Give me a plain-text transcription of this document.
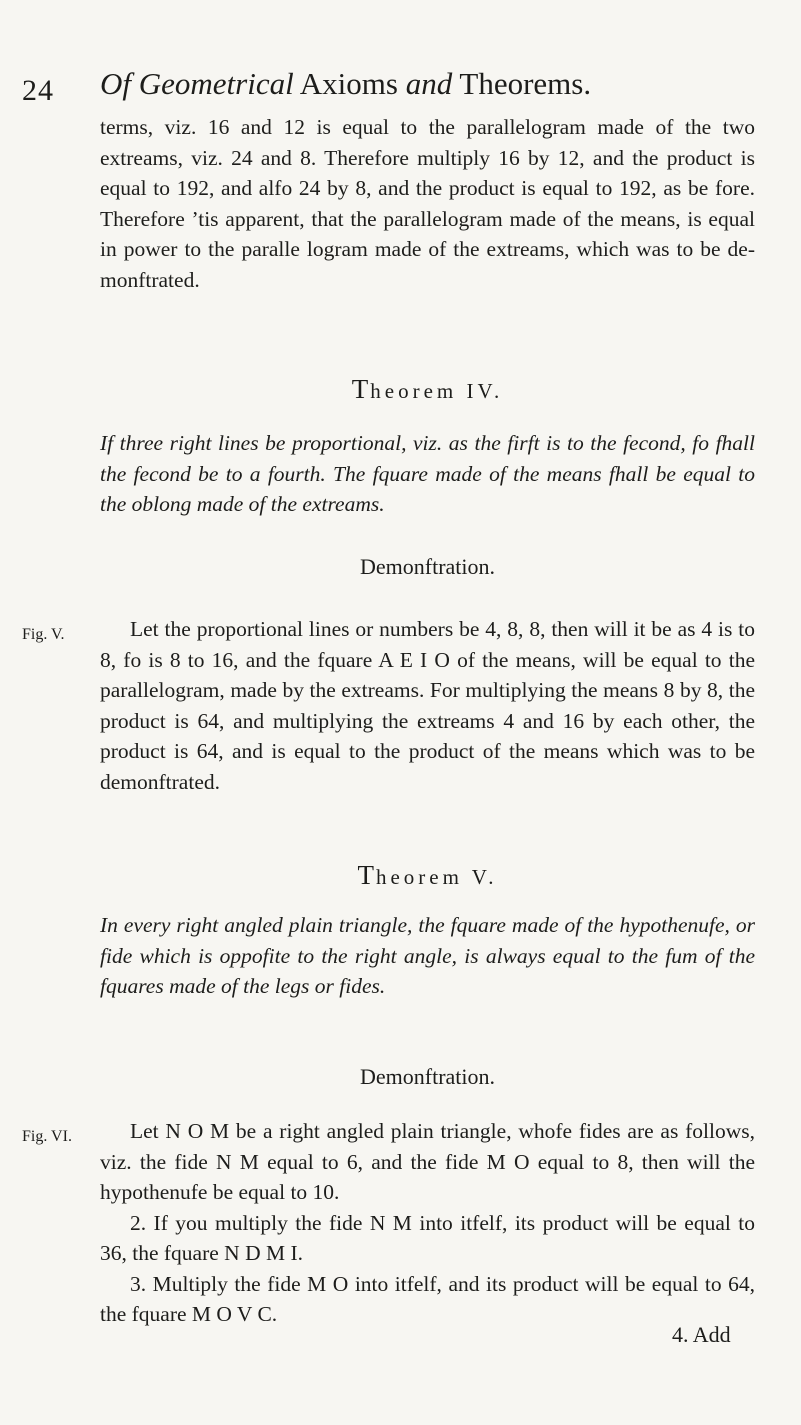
24 Of Geometrical Axioms and Theorems.

terms, viz. 16 and 12 is equal to the parallelogram made of the two extreams, viz. 24 and 8. Therefore multiply 16 by 12, and the product is equal to 192, and alfo 24 by 8, and the product is equal to 192, as be fore. Therefore ’tis apparent, that the parallelogram made of the means, is equal in power to the paralle logram made of the extreams, which was to be de monftrated.

Theorem IV.

If three right lines be proportional, viz. as the firft is to the fecond, fo fhall the fecond be to a fourth. The fquare made of the means fhall be equal to the oblong made of the extreams.

Demonftration.

Fig. V.	Let the proportional lines or numbers be 4, 8, 8, then will it be as 4 is to 8, fo is 8 to 16, and the fquare A E I O of the means, will be equal to the parallelogram, made by the extreams. For multiplying the means 8 by 8, the product is 64, and multiplying the extreams 4 and 16 by each other, the product is 64, and is equal to the product of the means which was to be demonftrated.

Theorem V.

In every right angled plain triangle, the fquare made of the hypothenufe, or fide which is oppofite to the right angle, is always equal to the fum of the fquares made of the legs or fides.

Demonftration.

Fig. VI.	Let N O M be a right angled plain triangle, whofe fides are as follows, viz. the fide N M equal to 6, and the fide M O equal to 8, then will the hypothenufe be equal to 10.

2. If you multiply the fide N M into itfelf, its product will be equal to 36, the fquare N D M I.

3. Multiply the fide M O into itfelf, and its product will be equal to 64, the fquare M O V C.

4. Add
